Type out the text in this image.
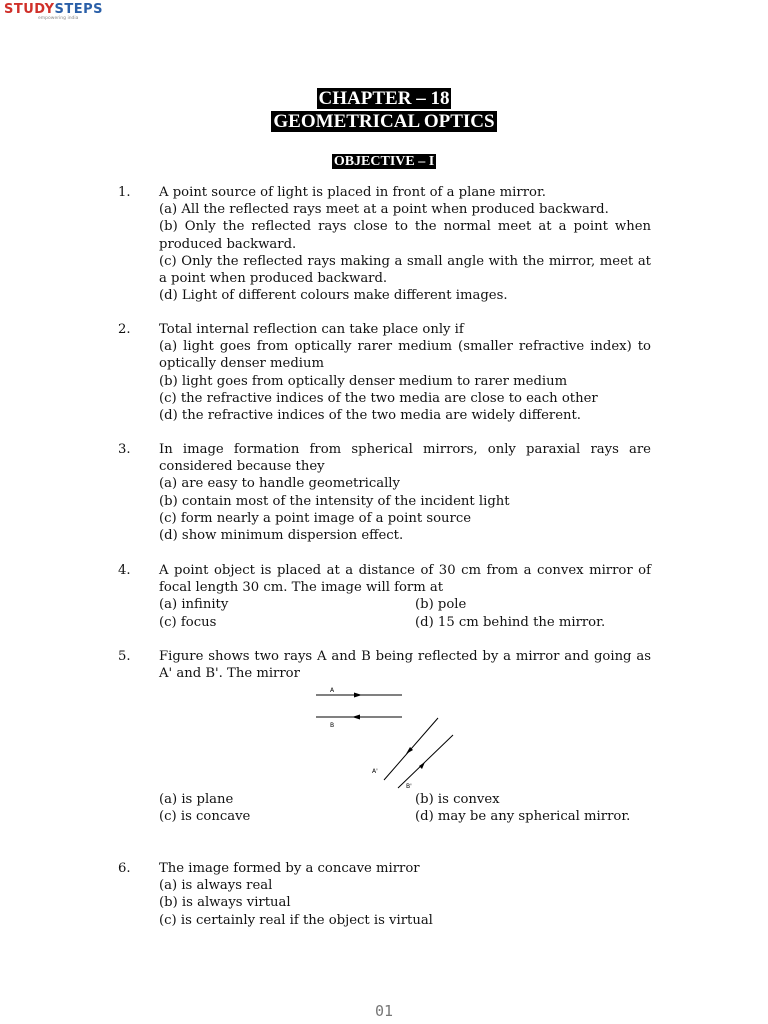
STUDYSTEPS
empowering india
CHAPTER – 18
GEOMETRICAL OPTICS
OBJECTIVE – I
1. A point source of light is placed in front of a plane mirror.
(a) All the reflected rays meet at a point when produced backward.
(b) Only the reflected rays close to the normal meet at a point when produced backward.
(c) Only the reflected rays making a small angle with the mirror, meet at a point when produced backward.
(d) Light of different colours make different images.
2. Total internal reflection can take place only if
(a) light goes from optically rarer medium (smaller refractive index) to optically denser medium
(b) light goes from optically denser medium to rarer medium
(c) the refractive indices of the two media are close to each other
(d) the refractive indices of the two media are widely different.
3. In image formation from spherical mirrors, only paraxial rays are considered because they
(a) are easy to handle geometrically
(b) contain most of the intensity of the incident light
(c) form nearly a point image of a point source
(d) show minimum dispersion effect.
4. A point object is placed at a distance of 30 cm from a convex mirror of focal length 30 cm. The image will form at
(a) infinity	(b) pole
(c) focus	(d) 15 cm behind the mirror.
5. Figure shows two rays A and B being reflected by a mirror and going as A' and B'. The mirror
A
B
A'
B'
(a) is plane	(b) is convex
(c) is concave	(d) may be any spherical mirror.
6. The image formed by a concave mirror
(a) is always real
(b) is always virtual
(c) is certainly real if the object is virtual
01
